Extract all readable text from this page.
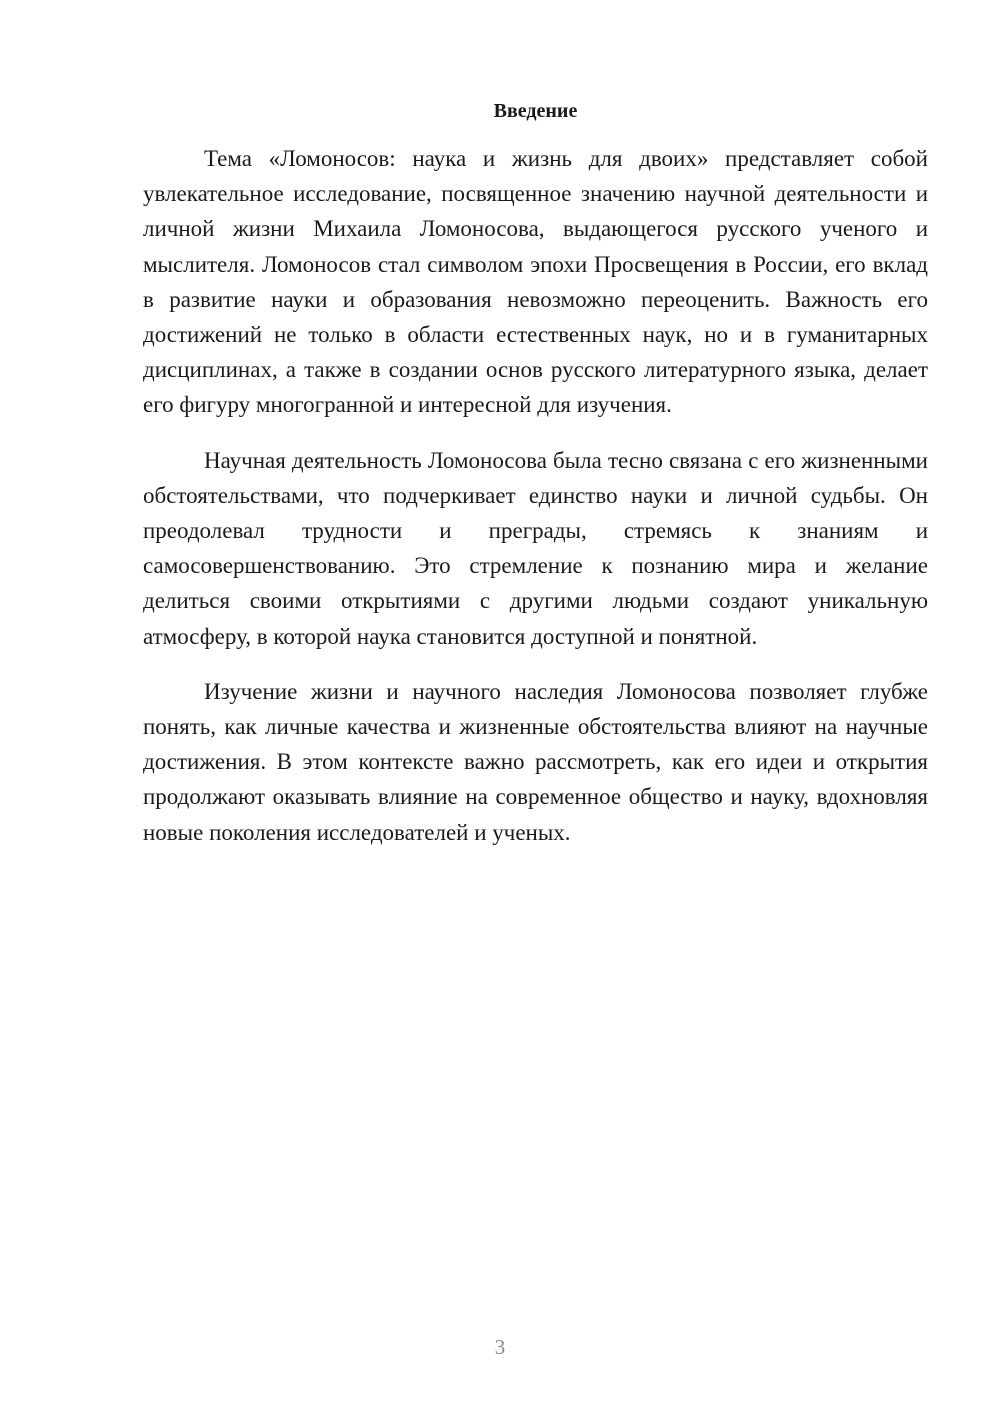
Введение

Тема «Ломоносов: наука и жизнь для двоих» представляет собой увлекательное исследование, посвященное значению научной деятельности и личной жизни Михаила Ломоносова, выдающегося русского ученого и мыслителя. Ломоносов стал символом эпохи Просвещения в России, его вклад в развитие науки и образования невозможно переоценить. Важность его достижений не только в области естественных наук, но и в гуманитарных дисциплинах, а также в создании основ русского литературного языка, делает его фигуру многогранной и интересной для изучения.

Научная деятельность Ломоносова была тесно связана с его жизненными обстоятельствами, что подчеркивает единство науки и личной судьбы. Он преодолевал трудности и преграды, стремясь к знаниям и самосовершенствованию. Это стремление к познанию мира и желание делиться своими открытиями с другими людьми создают уникальную атмосферу, в которой наука становится доступной и понятной.

Изучение жизни и научного наследия Ломоносова позволяет глубже понять, как личные качества и жизненные обстоятельства влияют на научные достижения. В этом контексте важно рассмотреть, как его идеи и открытия продолжают оказывать влияние на современное общество и науку, вдохновляя новые поколения исследователей и ученых.

3
